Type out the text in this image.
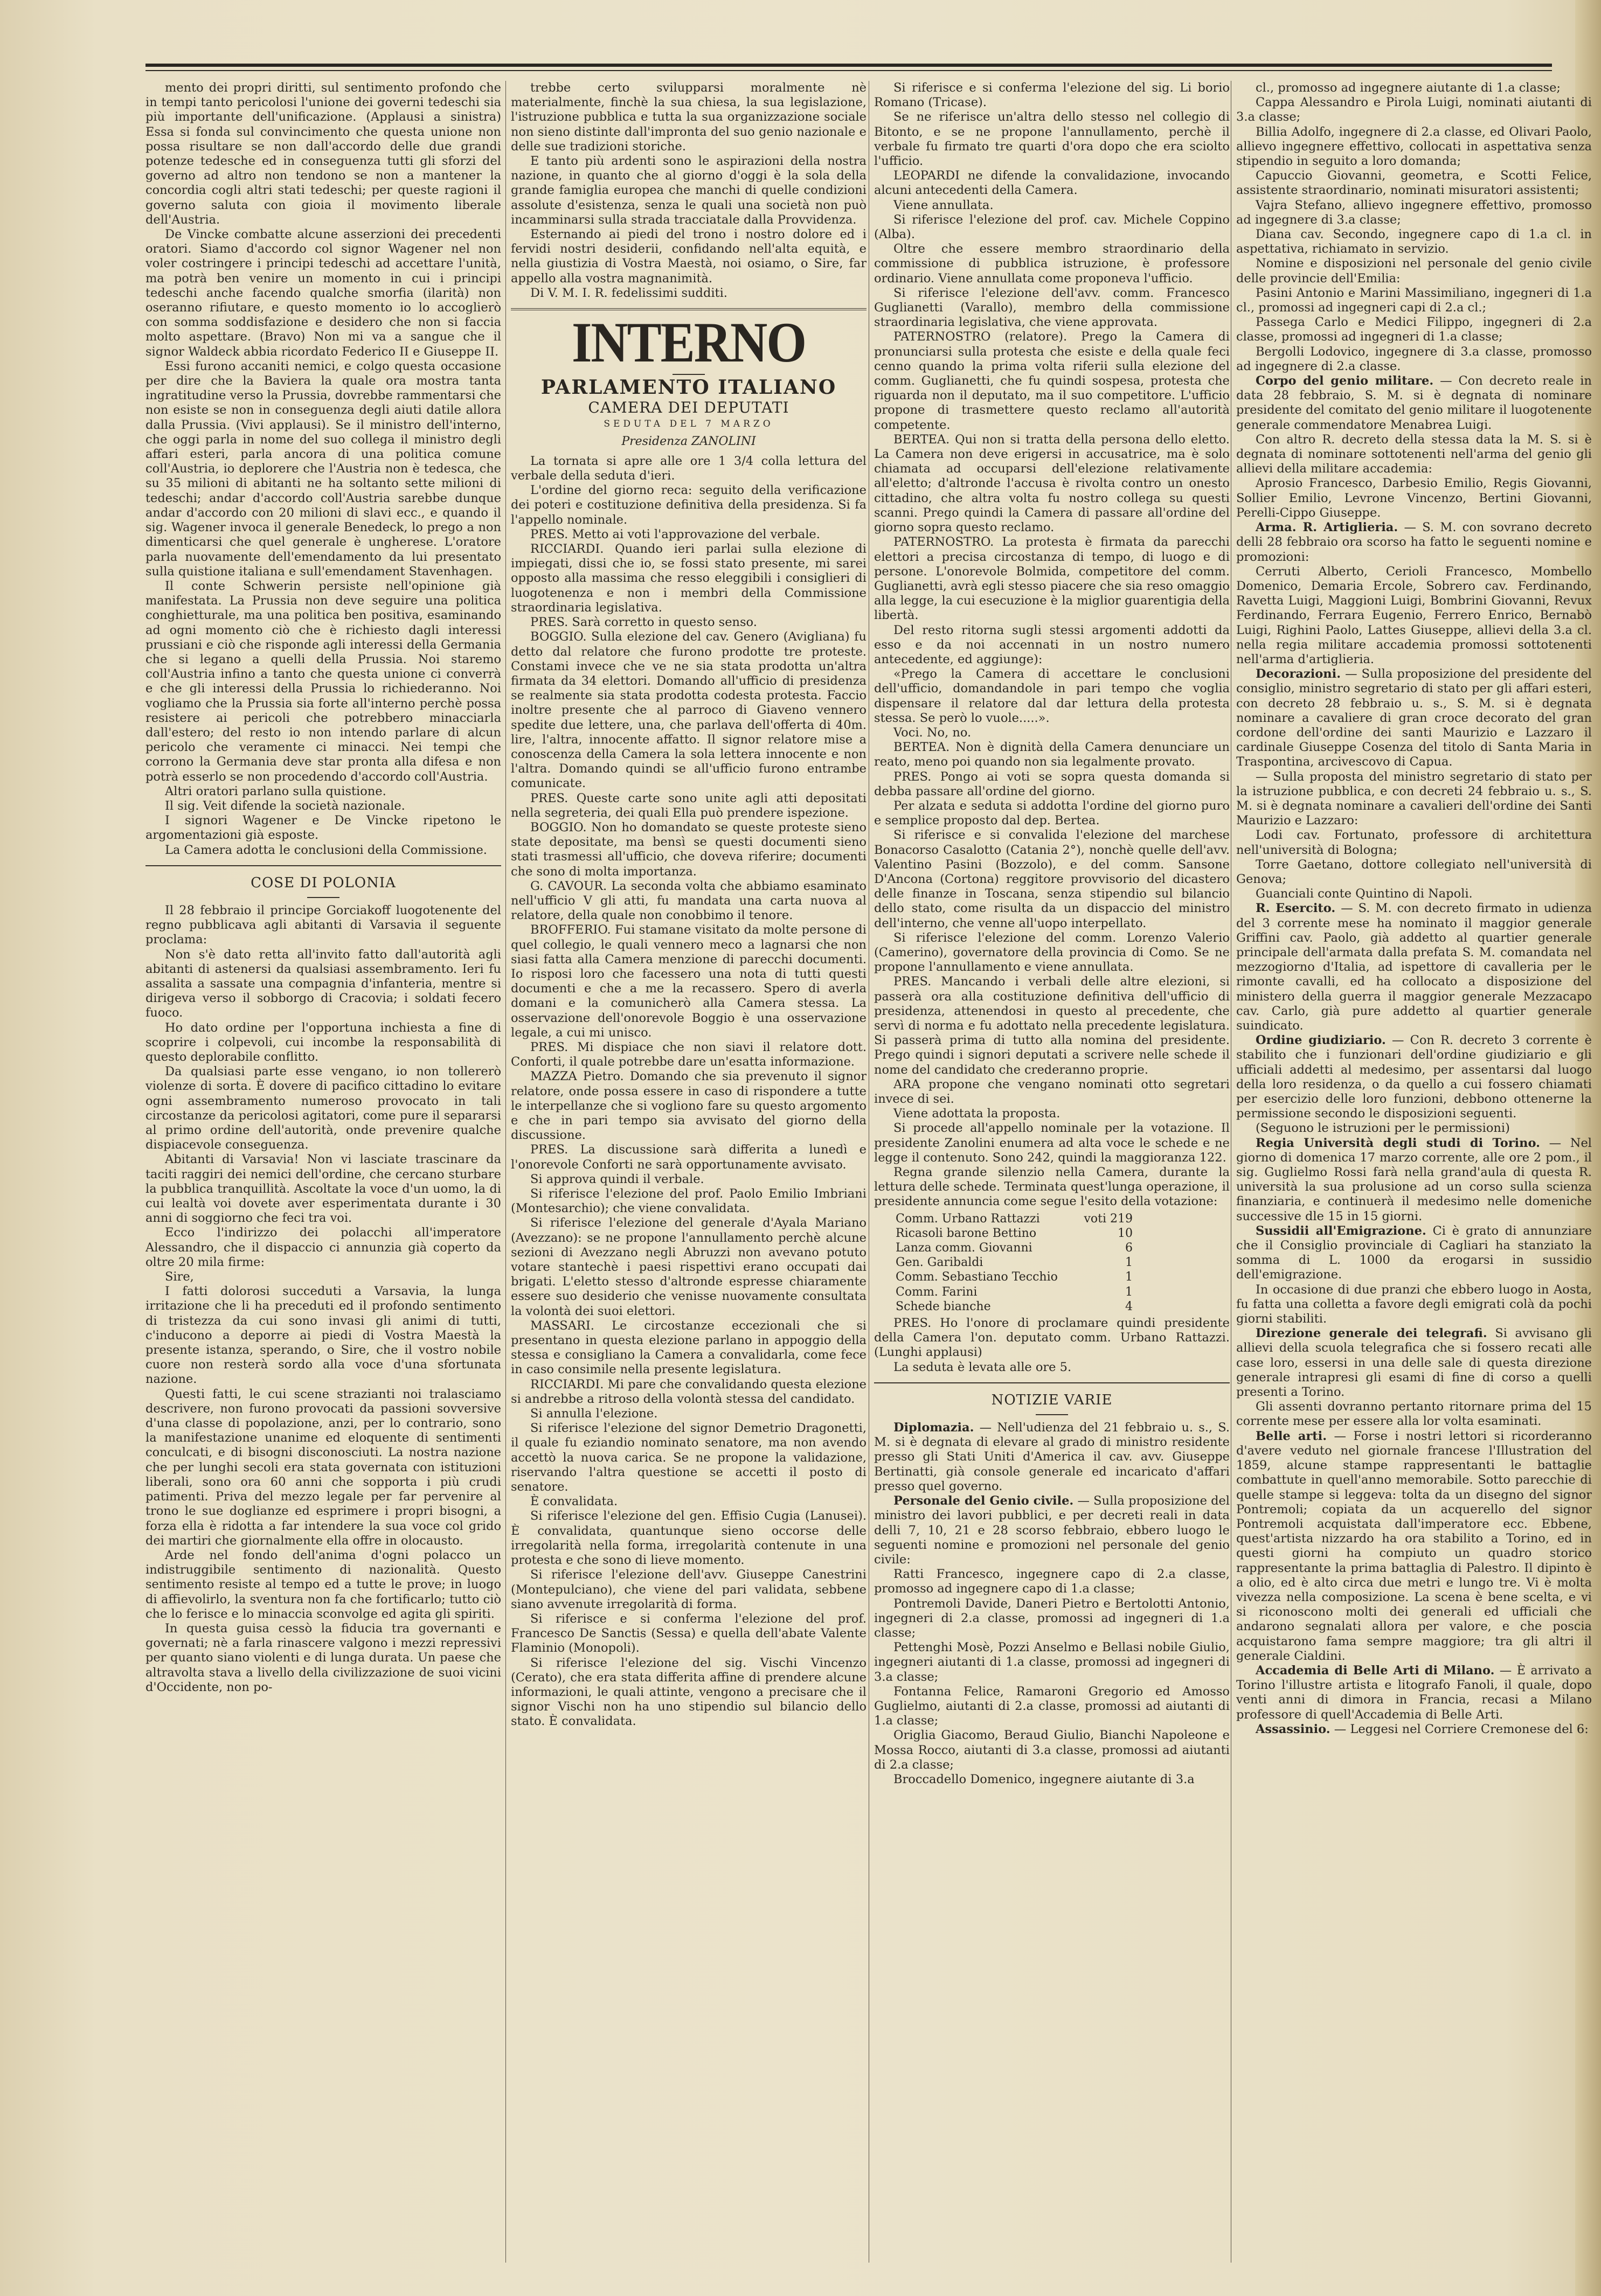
mento dei propri diritti, sul sentimento profondo che in tempi tanto pericolosi l'unione dei governi tedeschi sia più importante dell'unificazione. (Applausi a sinistra) Essa si fonda sul convincimento che questa unione non possa risultare se non dall'accordo delle due grandi potenze tedesche ed in conseguenza tutti gli sforzi del governo ad altro non tendono se non a mantener la concordia cogli altri stati tedeschi; per queste ragioni il governo saluta con gioia il movimento liberale dell'Austria.

De Vincke combatte alcune asserzioni dei precedenti oratori. Siamo d'accordo col signor Wagener nel non voler costringere i principi tedeschi ad accettare l'unità, ma potrà ben venire un momento in cui i principi tedeschi anche facendo qualche smorfia (ilarità) non oseranno rifiutare, e questo momento io lo accoglierò con somma soddisfazione e desidero che non si faccia molto aspettare. (Bravo) Non mi va a sangue che il signor Waldeck abbia ricordato Federico II e Giuseppe II.

Essi furono accaniti nemici, e colgo questa occasione per dire che la Baviera la quale ora mostra tanta ingratitudine verso la Prussia, dovrebbe rammentarsi che non esiste se non in conseguenza degli aiuti datile allora dalla Prussia. (Vivi applausi). Se il ministro dell'interno, che oggi parla in nome del suo collega il ministro degli affari esteri, parla ancora di una politica comune coll'Austria, io deplorere che l'Austria non è tedesca, che su 35 milioni di abitanti ne ha soltanto sette milioni di tedeschi; andar d'accordo coll'Austria sarebbe dunque andar d'accordo con 20 milioni di slavi ecc., e quando il sig. Wagener invoca il generale Benedeck, lo prego a non dimenticarsi che quel generale è ungherese. L'oratore parla nuovamente dell'emendamento da lui presentato sulla quistione italiana e sull'emendament Stavenhagen.

Il conte Schwerin persiste nell'opinione già manifestata. La Prussia non deve seguire una politica conghietturale, ma una politica ben positiva, esaminando ad ogni momento ciò che è richiesto dagli interessi prussiani e ciò che risponde agli interessi della Germania che si legano a quelli della Prussia. Noi staremo coll'Austria infino a tanto che questa unione ci converrà e che gli interessi della Prussia lo richiederanno. Noi vogliamo che la Prussia sia forte all'interno perchè possa resistere ai pericoli che potrebbero minacciarla dall'estero; del resto io non intendo parlare di alcun pericolo che veramente ci minacci. Nei tempi che corrono la Germania deve star pronta alla difesa e non potrà esserlo se non procedendo d'accordo coll'Austria.

Altri oratori parlano sulla quistione.

Il sig. Veit difende la società nazionale.

I signori Wagener e De Vincke ripetono le argomentazioni già esposte.

La Camera adotta le conclusioni della Commissione.

COSE DI POLONIA

Il 28 febbraio il principe Gorciakoff luogotenente del regno pubblicava agli abitanti di Varsavia il seguente proclama:

Non s'è dato retta all'invito fatto dall'autorità agli abitanti di astenersi da qualsiasi assembramento. Ieri fu assalita a sassate una compagnia d'infanteria, mentre si dirigeva verso il sobborgo di Cracovia; i soldati fecero fuoco.

Ho dato ordine per l'opportuna inchiesta a fine di scoprire i colpevoli, cui incombe la responsabilità di questo deplorabile conflitto.

Da qualsiasi parte esse vengano, io non tollererò violenze di sorta. È dovere di pacifico cittadino lo evitare ogni assembramento numeroso provocato in tali circostanze da pericolosi agitatori, come pure il separarsi al primo ordine dell'autorità, onde prevenire qualche dispiacevole conseguenza.

Abitanti di Varsavia! Non vi lasciate trascinare da taciti raggiri dei nemici dell'ordine, che cercano sturbare la pubblica tranquillità. Ascoltate la voce d'un uomo, la di cui lealtà voi dovete aver esperimentata durante i 30 anni di soggiorno che feci tra voi.

Ecco l'indirizzo dei polacchi all'imperatore Alessandro, che il dispaccio ci annunzia già coperto da oltre 20 mila firme:

Sire,

I fatti dolorosi succeduti a Varsavia, la lunga irritazione che li ha preceduti ed il profondo sentimento di tristezza da cui sono invasi gli animi di tutti, c'inducono a deporre ai piedi di Vostra Maestà la presente istanza, sperando, o Sire, che il vostro nobile cuore non resterà sordo alla voce d'una sfortunata nazione.

Questi fatti, le cui scene strazianti noi tralasciamo descrivere, non furono provocati da passioni sovversive d'una classe di popolazione, anzi, per lo contrario, sono la manifestazione unanime ed eloquente di sentimenti conculcati, e di bisogni disconosciuti. La nostra nazione che per lunghi secoli era stata governata con istituzioni liberali, sono ora 60 anni che sopporta i più crudi patimenti. Priva del mezzo legale per far pervenire al trono le sue doglianze ed esprimere i propri bisogni, a forza ella è ridotta a far intendere la sua voce col grido dei martiri che giornalmente ella offre in olocausto.

Arde nel fondo dell'anima d'ogni polacco un indistruggibile sentimento di nazionalità. Questo sentimento resiste al tempo ed a tutte le prove; in luogo di affievolirlo, la sventura non fa che fortificarlo; tutto ciò che lo ferisce e lo minaccia sconvolge ed agita gli spiriti.

In questa guisa cessò la fiducia tra governanti e governati; nè a farla rinascere valgono i mezzi repressivi per quanto siano violenti e di lunga durata. Un paese che altravolta stava a livello della civilizzazione de suoi vicini d'Occidente, non po-

trebbe certo svilupparsi moralmente nè materialmente, finchè la sua chiesa, la sua legislazione, l'istruzione pubblica e tutta la sua organizzazione sociale non sieno distinte dall'impronta del suo genio nazionale e delle sue tradizioni storiche.

E tanto più ardenti sono le aspirazioni della nostra nazione, in quanto che al giorno d'oggi è la sola della grande famiglia europea che manchi di quelle condizioni assolute d'esistenza, senza le quali una società non può incamminarsi sulla strada tracciatale dalla Provvidenza.

Esternando ai piedi del trono i nostro dolore ed i fervidi nostri desiderii, confidando nell'alta equità, e nella giustizia di Vostra Maestà, noi osiamo, o Sire, far appello alla vostra magnanimità.

Di V. M. I. R. fedelissimi sudditi.

INTERNO
PARLAMENTO ITALIANO
CAMERA DEI DEPUTATI
SEDUTA DEL 7 MARZO
Presidenza ZANOLINI

La tornata si apre alle ore 1 3/4 colla lettura del verbale della seduta d'ieri.

L'ordine del giorno reca: seguito della verificazione dei poteri e costituzione definitiva della presidenza. Si fa l'appello nominale.

PRES. Metto ai voti l'approvazione del verbale.

RICCIARDI. Quando ieri parlai sulla elezione di impiegati, dissi che io, se fossi stato presente, mi sarei opposto alla massima che resso eleggibili i consiglieri di luogotenenza e non i membri della Commissione straordinaria legislativa.

PRES. Sarà corretto in questo senso.

BOGGIO. Sulla elezione del cav. Genero (Avigliana) fu detto dal relatore che furono prodotte tre proteste. Constami invece che ve ne sia stata prodotta un'altra firmata da 34 elettori. Domando all'ufficio di presidenza se realmente sia stata prodotta codesta protesta. Faccio inoltre presente che al parroco di Giaveno vennero spedite due lettere, una, che parlava dell'offerta di 40m. lire, l'altra, innocente affatto. Il signor relatore mise a conoscenza della Camera la sola lettera innocente e non l'altra. Domando quindi se all'ufficio furono entrambe comunicate.

PRES. Queste carte sono unite agli atti depositati nella segreteria, dei quali Ella può prendere ispezione.

BOGGIO. Non ho domandato se queste proteste sieno state depositate, ma bensì se questi documenti sieno stati trasmessi all'ufficio, che doveva riferire; documenti che sono di molta importanza.

G. CAVOUR. La seconda volta che abbiamo esaminato nell'ufficio V gli atti, fu mandata una carta nuova al relatore, della quale non conobbimo il tenore.

BROFFERIO. Fui stamane visitato da molte persone di quel collegio, le quali vennero meco a lagnarsi che non siasi fatta alla Camera menzione di parecchi documenti. Io risposi loro che facessero una nota di tutti questi documenti e che a me la recassero. Spero di averla domani e la comunicherò alla Camera stessa. La osservazione dell'onorevole Boggio è una osservazione legale, a cui mi unisco.

PRES. Mi dispiace che non siavi il relatore dott. Conforti, il quale potrebbe dare un'esatta informazione.

MAZZA Pietro. Domando che sia prevenuto il signor relatore, onde possa essere in caso di rispondere a tutte le interpellanze che si vogliono fare su questo argomento e che in pari tempo sia avvisato del giorno della discussione.

PRES. La discussione sarà differita a lunedì e l'onorevole Conforti ne sarà opportunamente avvisato.

Si approva quindi il verbale.

Si riferisce l'elezione del prof. Paolo Emilio Imbriani (Montesarchio); che viene convalidata.

Si riferisce l'elezione del generale d'Ayala Mariano (Avezzano): se ne propone l'annullamento perchè alcune sezioni di Avezzano negli Abruzzi non avevano potuto votare stantechè i paesi rispettivi erano occupati dai brigati. L'eletto stesso d'altronde espresse chiaramente essere suo desiderio che venisse nuovamente consultata la volontà dei suoi elettori.

MASSARI. Le circostanze eccezionali che si presentano in questa elezione parlano in appoggio della stessa e consigliano la Camera a convalidarla, come fece in caso consimile nella presente legislatura.

RICCIARDI. Mi pare che convalidando questa elezione si andrebbe a ritroso della volontà stessa del candidato.

Si annulla l'elezione.

Si riferisce l'elezione del signor Demetrio Dragonetti, il quale fu eziandio nominato senatore, ma non avendo accettò la nuova carica. Se ne propone la validazione, riservando l'altra questione se accetti il posto di senatore.

È convalidata.

Si riferisce l'elezione del gen. Effisio Cugia (Lanusei). È convalidata, quantunque sieno occorse delle irregolarità nella forma, irregolarità contenute in una protesta e che sono di lieve momento.

Si riferisce l'elezione dell'avv. Giuseppe Canestrini (Montepulciano), che viene del pari validata, sebbene siano avvenute irregolarità di forma.

Si riferisce e si conferma l'elezione del prof. Francesco De Sanctis (Sessa) e quella dell'abate Valente Flaminio (Monopoli).

Si riferisce l'elezione del sig. Vischi Vincenzo (Cerato), che era stata differita affine di prendere alcune informazioni, le quali attinte, vengono a precisare che il signor Vischi non ha uno stipendio sul bilancio dello stato. È convalidata.

Si riferisce e si conferma l'elezione del sig. Li borio Romano (Tricase).

Se ne riferisce un'altra dello stesso nel collegio di Bitonto, e se ne propone l'annullamento, perchè il verbale fu firmato tre quarti d'ora dopo che era sciolto l'ufficio.

LEOPARDI ne difende la convalidazione, invocando alcuni antecedenti della Camera.

Viene annullata.

Si riferisce l'elezione del prof. cav. Michele Coppino (Alba).

Oltre che essere membro straordinario della commissione di pubblica istruzione, è professore ordinario. Viene annullata come proponeva l'ufficio.

Si riferisce l'elezione dell'avv. comm. Francesco Guglianetti (Varallo), membro della commissione straordinaria legislativa, che viene approvata.

PATERNOSTRO (relatore). Prego la Camera di pronunciarsi sulla protesta che esiste e della quale feci cenno quando la prima volta riferii sulla elezione del comm. Guglianetti, che fu quindi sospesa, protesta che riguarda non il deputato, ma il suo competitore. L'ufficio propone di trasmettere questo reclamo all'autorità competente.

BERTEA. Qui non si tratta della persona dello eletto. La Camera non deve erigersi in accusatrice, ma è solo chiamata ad occuparsi dell'elezione relativamente all'eletto; d'altronde l'accusa è rivolta contro un onesto cittadino, che altra volta fu nostro collega su questi scanni. Prego quindi la Camera di passare all'ordine del giorno sopra questo reclamo.

PATERNOSTRO. La protesta è firmata da parecchi elettori a precisa circostanza di tempo, di luogo e di persone. L'onorevole Bolmida, competitore del comm. Guglianetti, avrà egli stesso piacere che sia reso omaggio alla legge, la cui esecuzione è la miglior guarentigia della libertà.

Del resto ritorna sugli stessi argomenti addotti da esso e da noi accennati in un nostro numero antecedente, ed aggiunge):

«Prego la Camera di accettare le conclusioni dell'ufficio, domandandole in pari tempo che voglia dispensare il relatore dal dar lettura della protesta stessa. Se però lo vuole.....».

Voci. No, no.

BERTEA. Non è dignità della Camera denunciare un reato, meno poi quando non sia legalmente provato.

PRES. Pongo ai voti se sopra questa domanda si debba passare all'ordine del giorno.

Per alzata e seduta si addotta l'ordine del giorno puro e semplice proposto dal dep. Bertea.

Si riferisce e si convalida l'elezione del marchese Bonacorso Casalotto (Catania 2°), nonchè quelle dell'avv. Valentino Pasini (Bozzolo), e del comm. Sansone D'Ancona (Cortona) reggitore provvisorio del dicastero delle finanze in Toscana, senza stipendio sul bilancio dello stato, come risulta da un dispaccio del ministro dell'interno, che venne all'uopo interpellato.

Si riferisce l'elezione del comm. Lorenzo Valerio (Camerino), governatore della provincia di Como. Se ne propone l'annullamento e viene annullata.

PRES. Mancando i verbali delle altre elezioni, si passerà ora alla costituzione definitiva dell'ufficio di presidenza, attenendosi in questo al precedente, che servì di norma e fu adottato nella precedente legislatura. Si passerà prima di tutto alla nomina del presidente. Prego quindi i signori deputati a scrivere nelle schede il nome del candidato che crederanno proprie.

ARA propone che vengano nominati otto segretari invece di sei.

Viene adottata la proposta.

Si procede all'appello nominale per la votazione. Il presidente Zanolini enumera ad alta voce le schede e ne legge il contenuto. Sono 242, quindi la maggioranza 122.

Regna grande silenzio nella Camera, durante la lettura delle schede. Terminata quest'lunga operazione, il presidente annuncia come segue l'esito della votazione:

Comm. Urbano Rattazzi	voti 219
Ricasoli barone Bettino	10
Lanza comm. Giovanni	6
Gen. Garibaldi	1
Comm. Sebastiano Tecchio	1
Comm. Farini	1
Schede bianche	4

PRES. Ho l'onore di proclamare quindi presidente della Camera l'on. deputato comm. Urbano Rattazzi. (Lunghi applausi)

La seduta è levata alle ore 5.

NOTIZIE VARIE

Diplomazia. — Nell'udienza del 21 febbraio u. s., S. M. si è degnata di elevare al grado di ministro residente presso gli Stati Uniti d'America il cav. avv. Giuseppe Bertinatti, già console generale ed incaricato d'affari presso quel governo.

Personale del Genio civile. — Sulla proposizione del ministro dei lavori pubblici, e per decreti reali in data delli 7, 10, 21 e 28 scorso febbraio, ebbero luogo le seguenti nomine e promozioni nel personale del genio civile:

Ratti Francesco, ingegnere capo di 2.a classe, promosso ad ingegnere capo di 1.a classe;

Pontremoli Davide, Daneri Pietro e Bertolotti Antonio, ingegneri di 2.a classe, promossi ad ingegneri di 1.a classe;

Pettenghi Mosè, Pozzi Anselmo e Bellasi nobile Giulio, ingegneri aiutanti di 1.a classe, promossi ad ingegneri di 3.a classe;

Fontanna Felice, Ramaroni Gregorio ed Amosso Guglielmo, aiutanti di 2.a classe, promossi ad aiutanti di 1.a classe;

Origlia Giacomo, Beraud Giulio, Bianchi Napoleone e Mossa Rocco, aiutanti di 3.a classe, promossi ad aiutanti di 2.a classe;

Broccadello Domenico, ingegnere aiutante di 3.a

cl., promosso ad ingegnere aiutante di 1.a classe;

Cappa Alessandro e Pirola Luigi, nominati aiutanti di 3.a classe;

Billia Adolfo, ingegnere di 2.a classe, ed Olivari Paolo, allievo ingegnere effettivo, collocati in aspettativa senza stipendio in seguito a loro domanda;

Capuccio Giovanni, geometra, e Scotti Felice, assistente straordinario, nominati misuratori assistenti;

Vajra Stefano, allievo ingegnere effettivo, promosso ad ingegnere di 3.a classe;

Diana cav. Secondo, ingegnere capo di 1.a cl. in aspettativa, richiamato in servizio.

Nomine e disposizioni nel personale del genio civile delle provincie dell'Emilia:

Pasini Antonio e Marini Massimiliano, ingegneri di 1.a cl., promossi ad ingegneri capi di 2.a cl.;

Passega Carlo e Medici Filippo, ingegneri di 2.a classe, promossi ad ingegneri di 1.a classe;

Bergolli Lodovico, ingegnere di 3.a classe, promosso ad ingegnere di 2.a classe.

Corpo del genio militare. — Con decreto reale in data 28 febbraio, S. M. si è degnata di nominare presidente del comitato del genio militare il luogotenente generale commendatore Menabrea Luigi.

Con altro R. decreto della stessa data la M. S. si è degnata di nominare sottotenenti nell'arma del genio gli allievi della militare accademia:

Aprosio Francesco, Darbesio Emilio, Regis Giovanni, Sollier Emilio, Levrone Vincenzo, Bertini Giovanni, Perelli-Cippo Giuseppe.

Arma. R. Artiglieria. — S. M. con sovrano decreto delli 28 febbraio ora scorso ha fatto le seguenti nomine e promozioni:

Cerruti Alberto, Cerioli Francesco, Mombello Domenico, Demaria Ercole, Sobrero cav. Ferdinando, Ravetta Luigi, Maggioni Luigi, Bombrini Giovanni, Revux Ferdinando, Ferrara Eugenio, Ferrero Enrico, Bernabò Luigi, Righini Paolo, Lattes Giuseppe, allievi della 3.a cl. nella regia militare accademia promossi sottotenenti nell'arma d'artiglieria.

Decorazioni. — Sulla proposizione del presidente del consiglio, ministro segretario di stato per gli affari esteri, con decreto 28 febbraio u. s., S. M. si è degnata nominare a cavaliere di gran croce decorato del gran cordone dell'ordine dei santi Maurizio e Lazzaro il cardinale Giuseppe Cosenza del titolo di Santa Maria in Traspontina, arcivescovo di Capua.

— Sulla proposta del ministro segretario di stato per la istruzione pubblica, e con decreti 24 febbraio u. s., S. M. si è degnata nominare a cavalieri dell'ordine dei Santi Maurizio e Lazzaro:

Lodi cav. Fortunato, professore di architettura nell'università di Bologna;

Torre Gaetano, dottore collegiato nell'università di Genova;

Guanciali conte Quintino di Napoli.

R. Esercito. — S. M. con decreto firmato in udienza del 3 corrente mese ha nominato il maggior generale Griffini cav. Paolo, già addetto al quartier generale principale dell'armata dalla prefata S. M. comandata nel mezzogiorno d'Italia, ad ispettore di cavalleria per le rimonte cavalli, ed ha collocato a disposizione del ministero della guerra il maggior generale Mezzacapo cav. Carlo, già pure addetto al quartier generale suindicato.

Ordine giudiziario. — Con R. decreto 3 corrente è stabilito che i funzionari dell'ordine giudiziario e gli ufficiali addetti al medesimo, per assentarsi dal luogo della loro residenza, o da quello a cui fossero chiamati per esercizio delle loro funzioni, debbono ottenerne la permissione secondo le disposizioni seguenti.

(Seguono le istruzioni per le permissioni)

Regia Università degli studi di Torino. — Nel giorno di domenica 17 marzo corrente, alle ore 2 pom., il sig. Guglielmo Rossi farà nella grand'aula di questa R. università la sua prolusione ad un corso sulla scienza finanziaria, e continuerà il medesimo nelle domeniche successive dle 15 in 15 giorni.

Sussidii all'Emigrazione. Ci è grato di annunziare che il Consiglio provinciale di Cagliari ha stanziato la somma di L. 1000 da erogarsi in sussidio dell'emigrazione.

In occasione di due pranzi che ebbero luogo in Aosta, fu fatta una colletta a favore degli emigrati colà da pochi giorni stabiliti.

Direzione generale dei telegrafi. Si avvisano gli allievi della scuola telegrafica che si fossero recati alle case loro, essersi in una delle sale di questa direzione generale intrapresi gli esami di fine di corso a quelli presenti a Torino.

Gli assenti dovranno pertanto ritornare prima del 15 corrente mese per essere alla lor volta esaminati.

Belle arti. — Forse i nostri lettori si ricorderanno d'avere veduto nel giornale francese l'Illustration del 1859, alcune stampe rappresentanti le battaglie combattute in quell'anno memorabile. Sotto parecchie di quelle stampe si leggeva: tolta da un disegno del signor Pontremoli; copiata da un acquerello del signor Pontremoli acquistata dall'imperatore ecc. Ebbene, quest'artista nizzardo ha ora stabilito a Torino, ed in questi giorni ha compiuto un quadro storico rappresentante la prima battaglia di Palestro. Il dipinto è a olio, ed è alto circa due metri e lungo tre. Vi è molta vivezza nella composizione. La scena è bene scelta, e vi si riconoscono molti dei generali ed ufficiali che andarono segnalati allora per valore, e che poscia acquistarono fama sempre maggiore; tra gli altri il generale Cialdini.

Accademia di Belle Arti di Milano. — È arrivato a Torino l'illustre artista e litografo Fanoli, il quale, dopo venti anni di dimora in Francia, recasi a Milano professore di quell'Accademia di Belle Arti.

Assassinio. — Leggesi nel Corriere Cremonese del 6:
